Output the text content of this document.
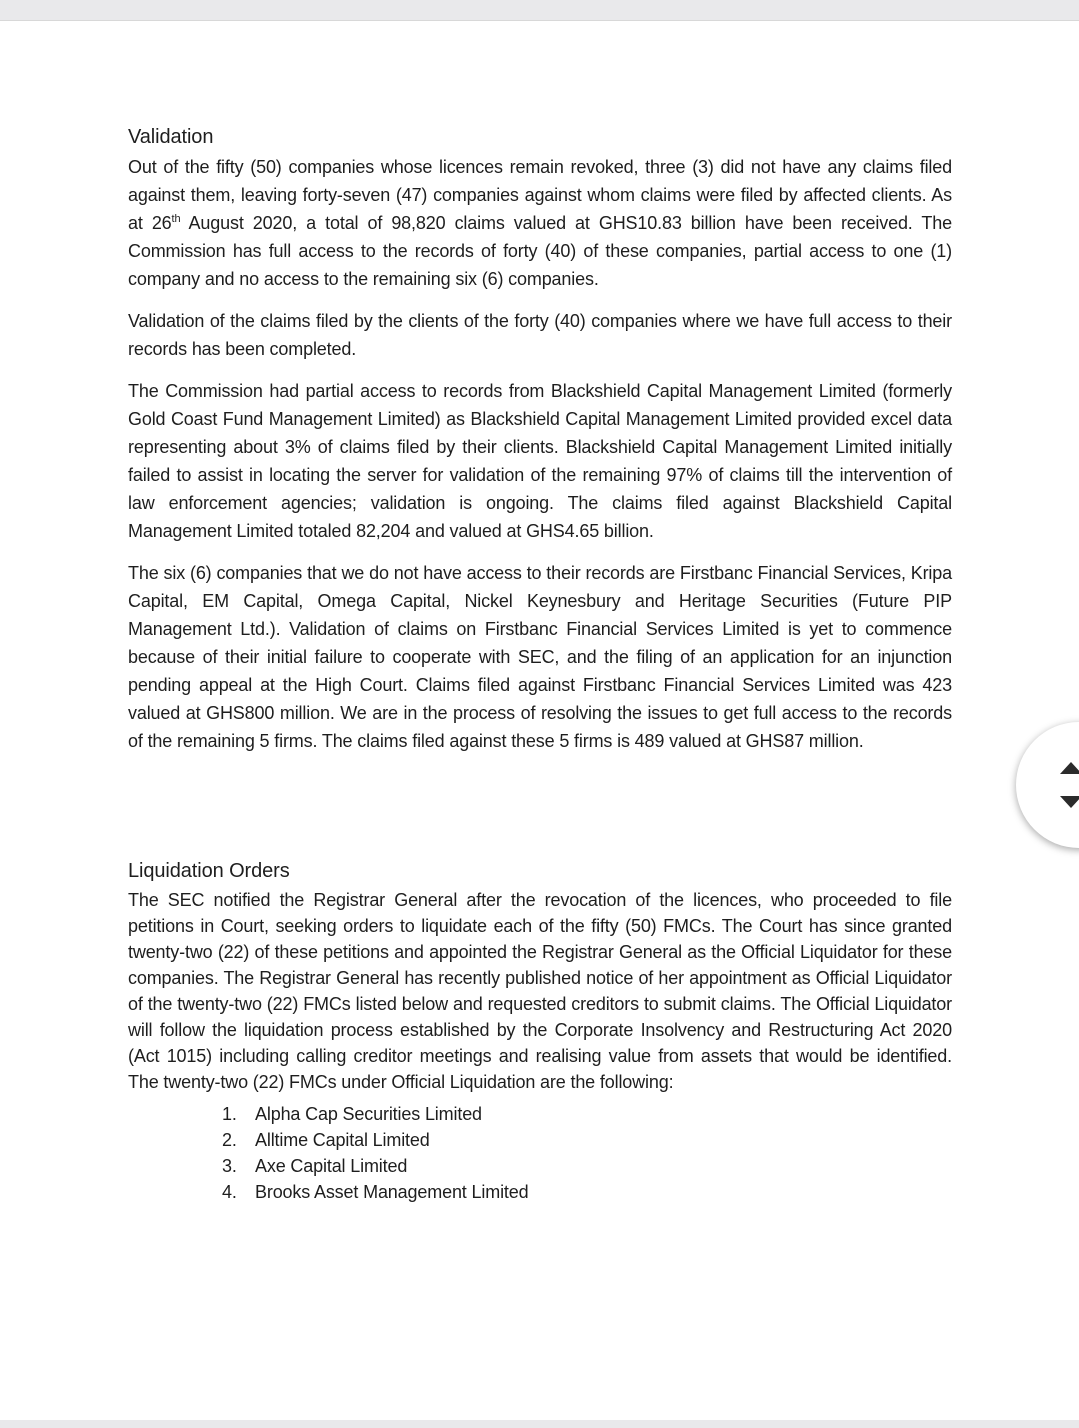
Validation

Out of the fifty (50) companies whose licences remain revoked, three (3) did not have any claims filed against them, leaving forty-seven (47) companies against whom claims were filed by affected clients. As at 26th August 2020, a total of 98,820 claims valued at GHS10.83 billion have been received. The Commission has full access to the records of forty (40) of these companies, partial access to one (1) company and no access to the remaining six (6) companies.

Validation of the claims filed by the clients of the forty (40) companies where we have full access to their records has been completed.

The Commission had partial access to records from Blackshield Capital Management Limited (formerly Gold Coast Fund Management Limited) as Blackshield Capital Management Limited provided excel data representing about 3% of claims filed by their clients. Blackshield Capital Management Limited initially failed to assist in locating the server for validation of the remaining 97% of claims till the intervention of law enforcement agencies; validation is ongoing. The claims filed against Blackshield Capital Management Limited totaled 82,204 and valued at GHS4.65 billion.

The six (6) companies that we do not have access to their records are Firstbanc Financial Services, Kripa Capital, EM Capital, Omega Capital, Nickel Keynesbury and Heritage Securities (Future PIP Management Ltd.). Validation of claims on Firstbanc Financial Services Limited is yet to commence because of their initial failure to cooperate with SEC, and the filing of an application for an injunction pending appeal at the High Court. Claims filed against Firstbanc Financial Services Limited was 423 valued at GHS800 million. We are in the process of resolving the issues to get full access to the records of the remaining 5 firms. The claims filed against these 5 firms is 489 valued at GHS87 million.

Liquidation Orders

The SEC notified the Registrar General after the revocation of the licences, who proceeded to file petitions in Court, seeking orders to liquidate each of the fifty (50) FMCs. The Court has since granted twenty-two (22) of these petitions and appointed the Registrar General as the Official Liquidator for these companies. The Registrar General has recently published notice of her appointment as Official Liquidator of the twenty-two (22) FMCs listed below and requested creditors to submit claims. The Official Liquidator will follow the liquidation process established by the Corporate Insolvency and Restructuring Act 2020 (Act 1015) including calling creditor meetings and realising value from assets that would be identified. The twenty-two (22) FMCs under Official Liquidation are the following:

1.	Alpha Cap Securities Limited
2.	Alltime Capital Limited
3.	Axe Capital Limited
4.	Brooks Asset Management Limited
